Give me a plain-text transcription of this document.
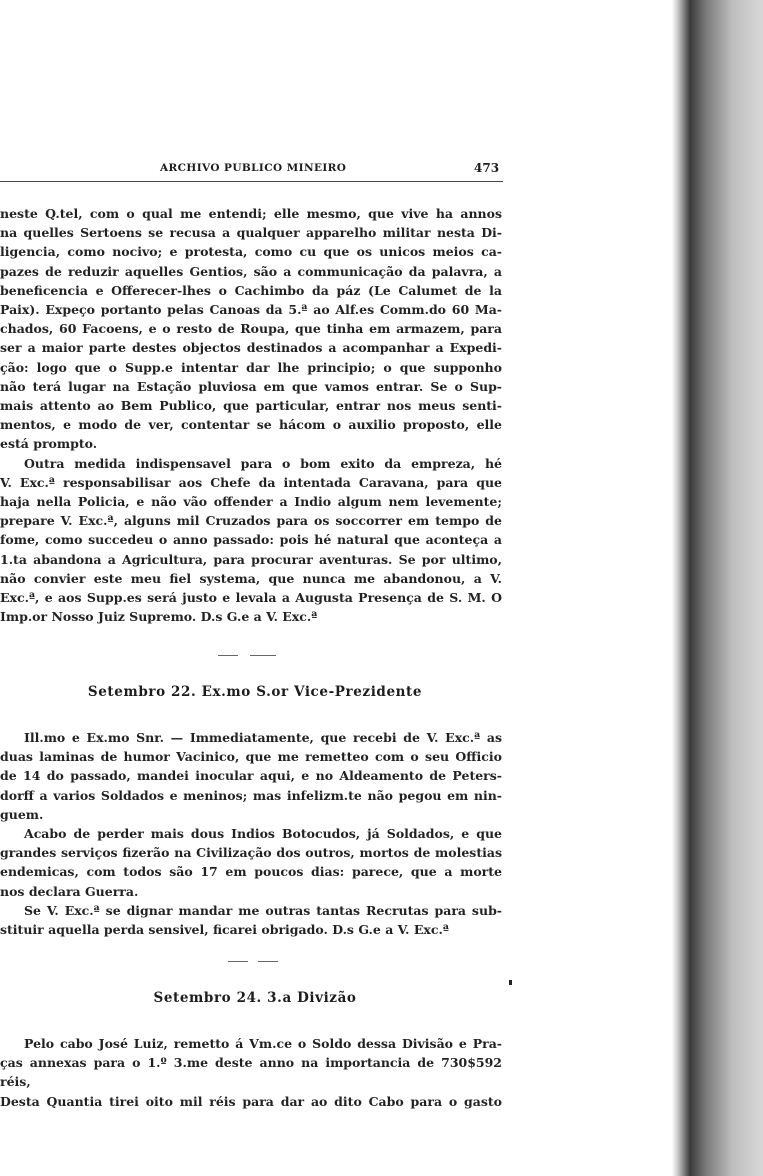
ARCHIVO PUBLICO MINEIRO	473

neste Q.tel, com o qual me entendi; elle mesmo, que vive ha annos

na quelles Sertoens se recusa a qualquer apparelho militar nesta Di-

ligencia, como nocivo; e protesta, como cu que os unicos meios ca-

pazes de reduzir aquelles Gentios, são a communicação da palavra, a

beneficencia e Offerecer-lhes o Cachimbo da páz (Le Calumet de la

Paix). Expeço portanto pelas Canoas da 5.ª ao Alf.es Comm.do 60 Ma-

chados, 60 Facoens, e o resto de Roupa, que tinha em armazem, para

ser a maior parte destes objectos destinados a acompanhar a Expedi-

ção: logo que o Supp.e intentar dar lhe principio; o que supponho

não terá lugar na Estação pluviosa em que vamos entrar. Se o Sup-

mais attento ao Bem Publico, que particular, entrar nos meus senti-

mentos, e modo de ver, contentar se hácom o auxilio proposto, elle

está prompto.

Outra medida indispensavel para o bom exito da empreza, hé

V. Exc.ª responsabilisar aos Chefe da intentada Caravana, para que

haja nella Policia, e não vão offender a Indio algum nem levemente;

prepare V. Exc.ª, alguns mil Cruzados para os soccorrer em tempo de

fome, como succedeu o anno passado: pois hé natural que aconteça a

1.ta abandona a Agricultura, para procurar aventuras. Se por ultimo,

não convier este meu fiel systema, que nunca me abandonou, a V.

Exc.ª, e aos Supp.es será justo e levala a Augusta Presença de S. M. O

Imp.or Nosso Juiz Supremo. D.s G.e a V. Exc.ª

Setembro 22. Ex.mo S.or Vice-Prezidente

Ill.mo e Ex.mo Snr. — Immediatamente, que recebi de V. Exc.ª as

duas laminas de humor Vacinico, que me remetteo com o seu Officio

de 14 do passado, mandei inocular aqui, e no Aldeamento de Peters-

dorff a varios Soldados e meninos; mas infelizm.te não pegou em nin-

guem.

Acabo de perder mais dous Indios Botocudos, já Soldados, e que

grandes serviços fizerão na Civilização dos outros, mortos de molestias

endemicas, com todos são 17 em poucos dias: parece, que a morte

nos declara Guerra.

Se V. Exc.ª se dignar mandar me outras tantas Recrutas para sub-

stituir aquella perda sensivel, ficarei obrigado. D.s G.e a V. Exc.ª

Setembro 24. 3.a Divizão

Pelo cabo José Luiz, remetto á Vm.ce o Soldo dessa Divisão e Pra-

ças annexas para o 1.º 3.me deste anno na importancia de 730$592 réis,

Desta Quantia tirei oito mil réis para dar ao dito Cabo para o gasto
